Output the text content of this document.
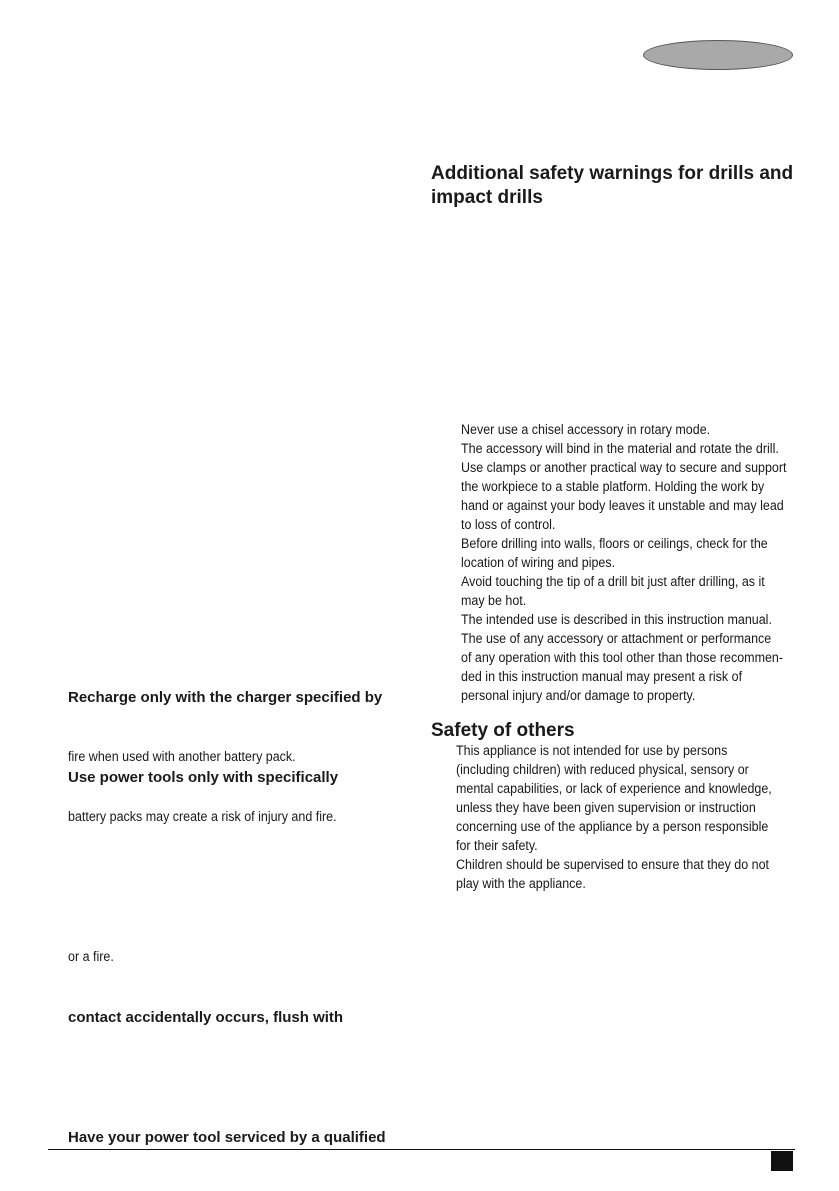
Additional safety warnings for drills and impact drills
Never use a chisel accessory in rotary mode.
The accessory will bind in the material and rotate the drill.
Use clamps or another practical way to secure and support
the workpiece to a stable platform. Holding the work by
hand or against your body leaves it unstable and may lead
to loss of control.
Before drilling into walls, floors or ceilings, check for the
location of wiring and pipes.
Avoid touching the tip of a drill bit just after drilling, as it
may be hot.
The intended use is described in this instruction manual.
The use of any accessory or attachment or performance
of any operation with this tool other than those recommen-
ded in this instruction manual may present a risk of
personal injury and/or damage to property.
Safety of others
This appliance is not intended for use by persons
(including children) with reduced physical, sensory or
mental capabilities, or lack of experience and knowledge,
unless they have been given supervision or instruction
concerning use of the appliance by a person responsible
for their safety.
Children should be supervised to ensure that they do not
play with the appliance.
Recharge only with the charger specified by
fire when used with another battery pack.
Use power tools only with specifically
battery packs may create a risk of injury and fire.
or a fire.
contact accidentally occurs, flush with
Have your power tool serviced by a qualified
